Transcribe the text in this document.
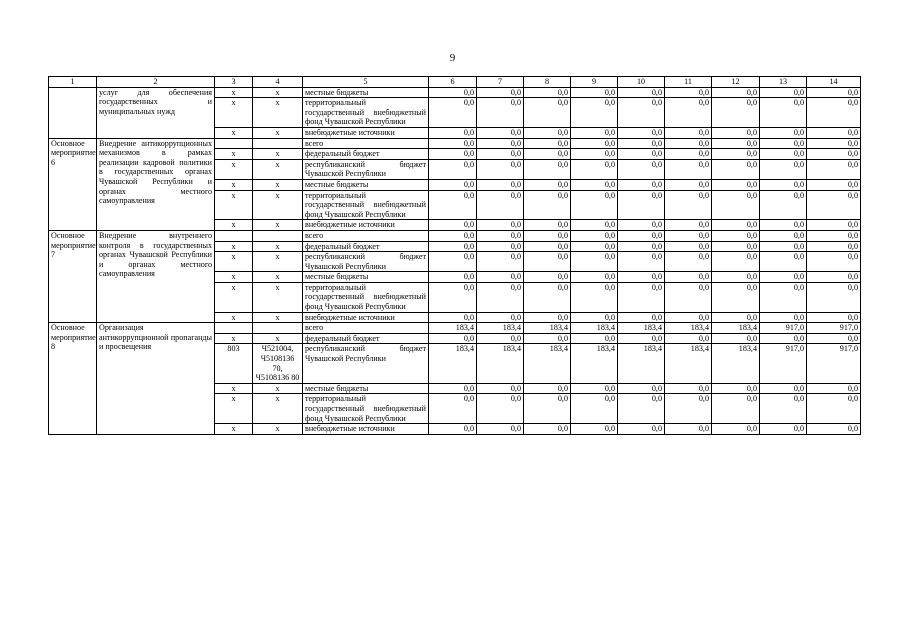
9
1	2	3	4	5	6	7	8	9	10	11	12	13	14
	услуг для обеспечения государственных и муниципальных нужд	x	x	местные бюджеты	0,0	0,0	0,0	0,0	0,0	0,0	0,0	0,0	0,0
		x	x	территориальный государственный внебюджетный фонд Чувашской Республики	0,0	0,0	0,0	0,0	0,0	0,0	0,0	0,0	0,0
		x	x	внебюджетные источники	0,0	0,0	0,0	0,0	0,0	0,0	0,0	0,0	0,0
Основное мероприятие 6	Внедрение антикоррупционных механизмов в рамках реализации кадровой политики в государственных органах Чувашской Республики и органах местного самоуправления			всего	0,0	0,0	0,0	0,0	0,0	0,0	0,0	0,0	0,0
		x	x	федеральный бюджет	0,0	0,0	0,0	0,0	0,0	0,0	0,0	0,0	0,0
		x	x	республиканский бюджет Чувашской Республики	0,0	0,0	0,0	0,0	0,0	0,0	0,0	0,0	0,0
		x	x	местные бюджеты	0,0	0,0	0,0	0,0	0,0	0,0	0,0	0,0	0,0
		x	x	территориальный государственный внебюджетный фонд Чувашской Республики	0,0	0,0	0,0	0,0	0,0	0,0	0,0	0,0	0,0
		x	x	внебюджетные источники	0,0	0,0	0,0	0,0	0,0	0,0	0,0	0,0	0,0
Основное мероприятие 7	Внедрение внутреннего контроля в государственных органах Чувашской Республики и органах местного самоуправления			всего	0,0	0,0	0,0	0,0	0,0	0,0	0,0	0,0	0,0
		x	x	федеральный бюджет	0,0	0,0	0,0	0,0	0,0	0,0	0,0	0,0	0,0
		x	x	республиканский бюджет Чувашской Республики	0,0	0,0	0,0	0,0	0,0	0,0	0,0	0,0	0,0
		x	x	местные бюджеты	0,0	0,0	0,0	0,0	0,0	0,0	0,0	0,0	0,0
		x	x	территориальный государственный внебюджетный фонд Чувашской Республики	0,0	0,0	0,0	0,0	0,0	0,0	0,0	0,0	0,0
		x	x	внебюджетные источники	0,0	0,0	0,0	0,0	0,0	0,0	0,0	0,0	0,0
Основное мероприятие 8	Организация антикоррупционной пропаганды и просвещения			всего	183,4	183,4	183,4	183,4	183,4	183,4	183,4	917,0	917,0
		x	x	федеральный бюджет	0,0	0,0	0,0	0,0	0,0	0,0	0,0	0,0	0,0
		803	Ч521004, Ч5108136 70, Ч5108136 80	республиканский бюджет Чувашской Республики	183,4	183,4	183,4	183,4	183,4	183,4	183,4	917,0	917,0
		x	x	местные бюджеты	0,0	0,0	0,0	0,0	0,0	0,0	0,0	0,0	0,0
		x	x	территориальный государственный внебюджетный фонд Чувашской Республики	0,0	0,0	0,0	0,0	0,0	0,0	0,0	0,0	0,0
		x	x	внебюджетные источники	0,0	0,0	0,0	0,0	0,0	0,0	0,0	0,0	0,0
